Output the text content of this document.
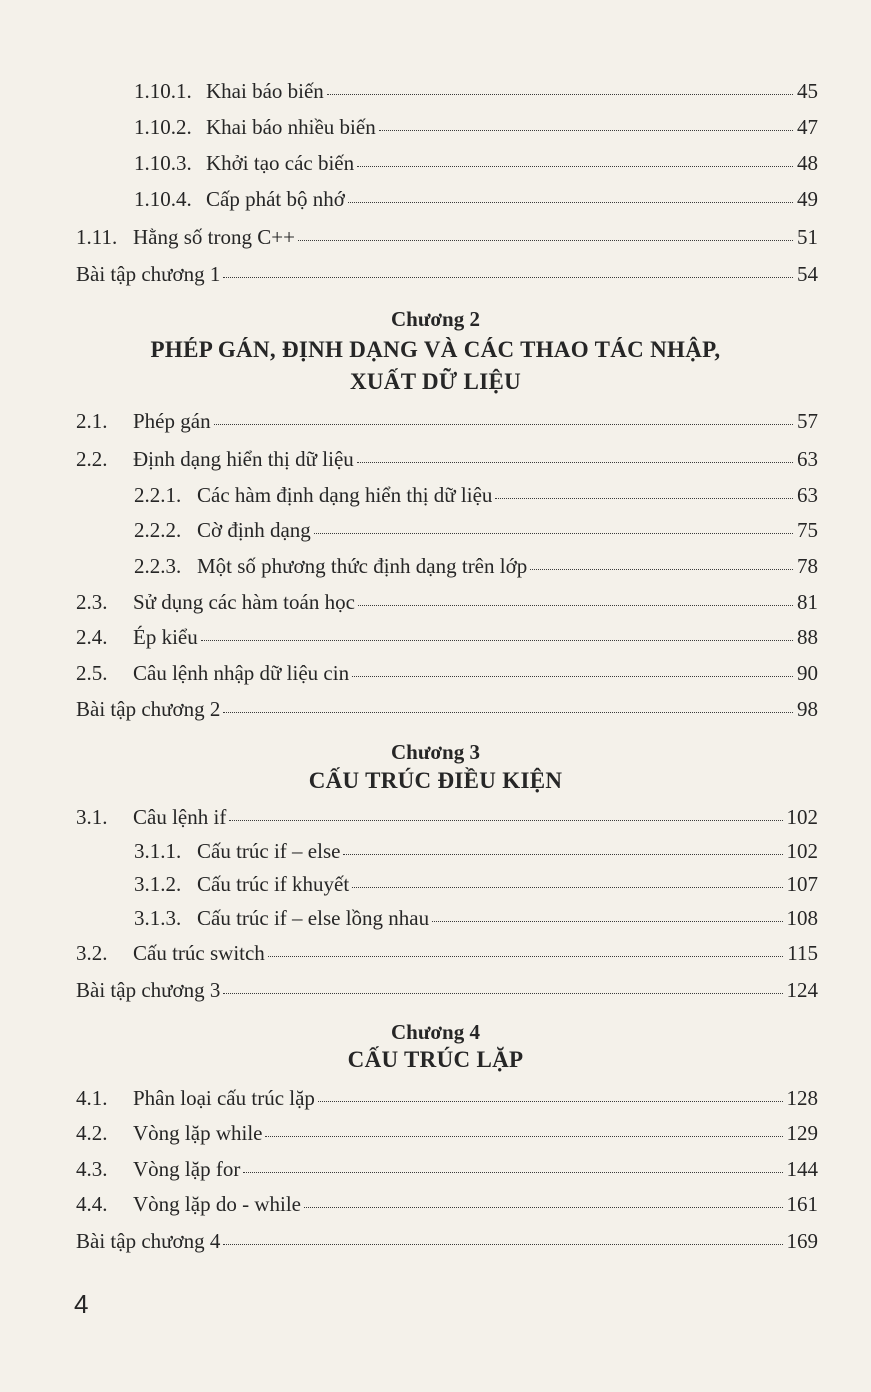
1.10.1. Khai báo biến	45
1.10.2. Khai báo nhiều biến	47
1.10.3. Khởi tạo các biến	48
1.10.4. Cấp phát bộ nhớ	49
1.11. Hằng số trong C++	51
Bài tập chương 1	54
Chương 2
PHÉP GÁN, ĐỊNH DẠNG VÀ CÁC THAO TÁC NHẬP,
XUẤT DỮ LIỆU
2.1.	Phép gán	57
2.2.	Định dạng hiển thị dữ liệu	63
2.2.1. Các hàm định dạng hiển thị dữ liệu	63
2.2.2. Cờ định dạng	75
2.2.3. Một số phương thức định dạng trên lớp	78
2.3.	Sử dụng các hàm toán học	81
2.4.	Ép kiểu	88
2.5.	Câu lệnh nhập dữ liệu cin	90
Bài tập chương 2	98
Chương 3
CẤU TRÚC ĐIỀU KIỆN
3.1.	Câu lệnh if	102
3.1.1. Cấu trúc if – else	102
3.1.2. Cấu trúc if khuyết	107
3.1.3. Cấu trúc if – else lồng nhau	108
3.2.	Cấu trúc switch	115
Bài tập chương 3	124
Chương 4
CẤU TRÚC LẶP
4.1.	Phân loại cấu trúc lặp	128
4.2.	Vòng lặp while	129
4.3.	Vòng lặp for	144
4.4.	Vòng lặp do - while	161
Bài tập chương 4	169
4
